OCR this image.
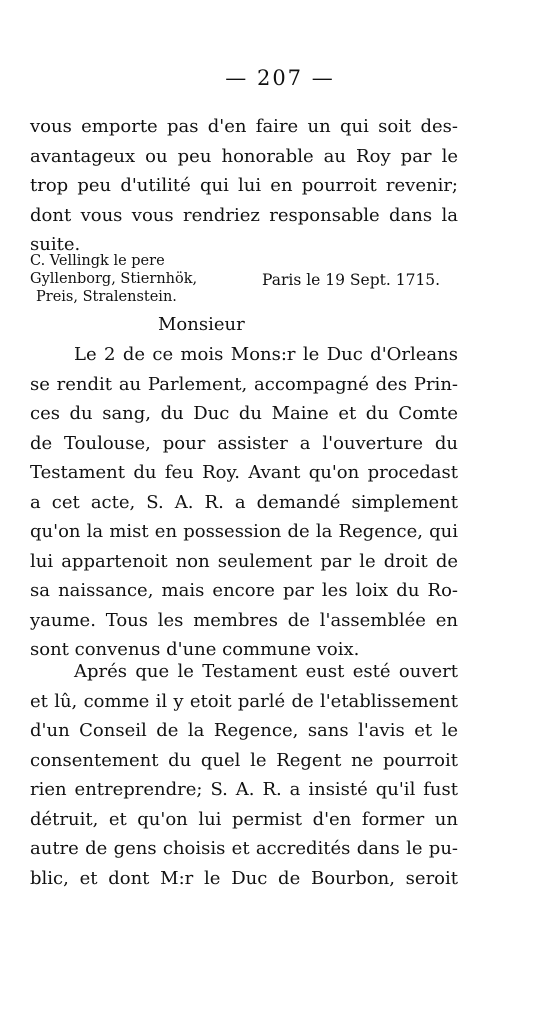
— 207 —

vous emporte pas d'en faire un qui soit des-

avantageux ou peu honorable au Roy par le

trop peu d'utilité qui lui en pourroit revenir;

dont vous vous rendriez responsable dans la suite.

C. Vellingk le pere
Gyllenborg, Stiernhök,
Preis, Stralenstein.
Paris le 19 Sept. 1715.
Monsieur

Le 2 de ce mois Mons:r le Duc d'Orleans

se rendit au Parlement, accompagné des Prin-

ces du sang, du Duc du Maine et du Comte

de Toulouse, pour assister a l'ouverture du

Testament du feu Roy. Avant qu'on procedast

a cet acte, S. A. R. a demandé simplement

qu'on la mist en possession de la Regence, qui

lui appartenoit non seulement par le droit de

sa naissance, mais encore par les loix du Ro-

yaume. Tous les membres de l'assemblée en

sont convenus d'une commune voix.

Aprés que le Testament eust esté ouvert

et lû, comme il y etoit parlé de l'etablissement

d'un Conseil de la Regence, sans l'avis et le

consentement du quel le Regent ne pourroit

rien entreprendre; S. A. R. a insisté qu'il fust

détruit, et qu'on lui permist d'en former un

autre de gens choisis et accredités dans le pu-

blic, et dont M:r le Duc de Bourbon, seroit
